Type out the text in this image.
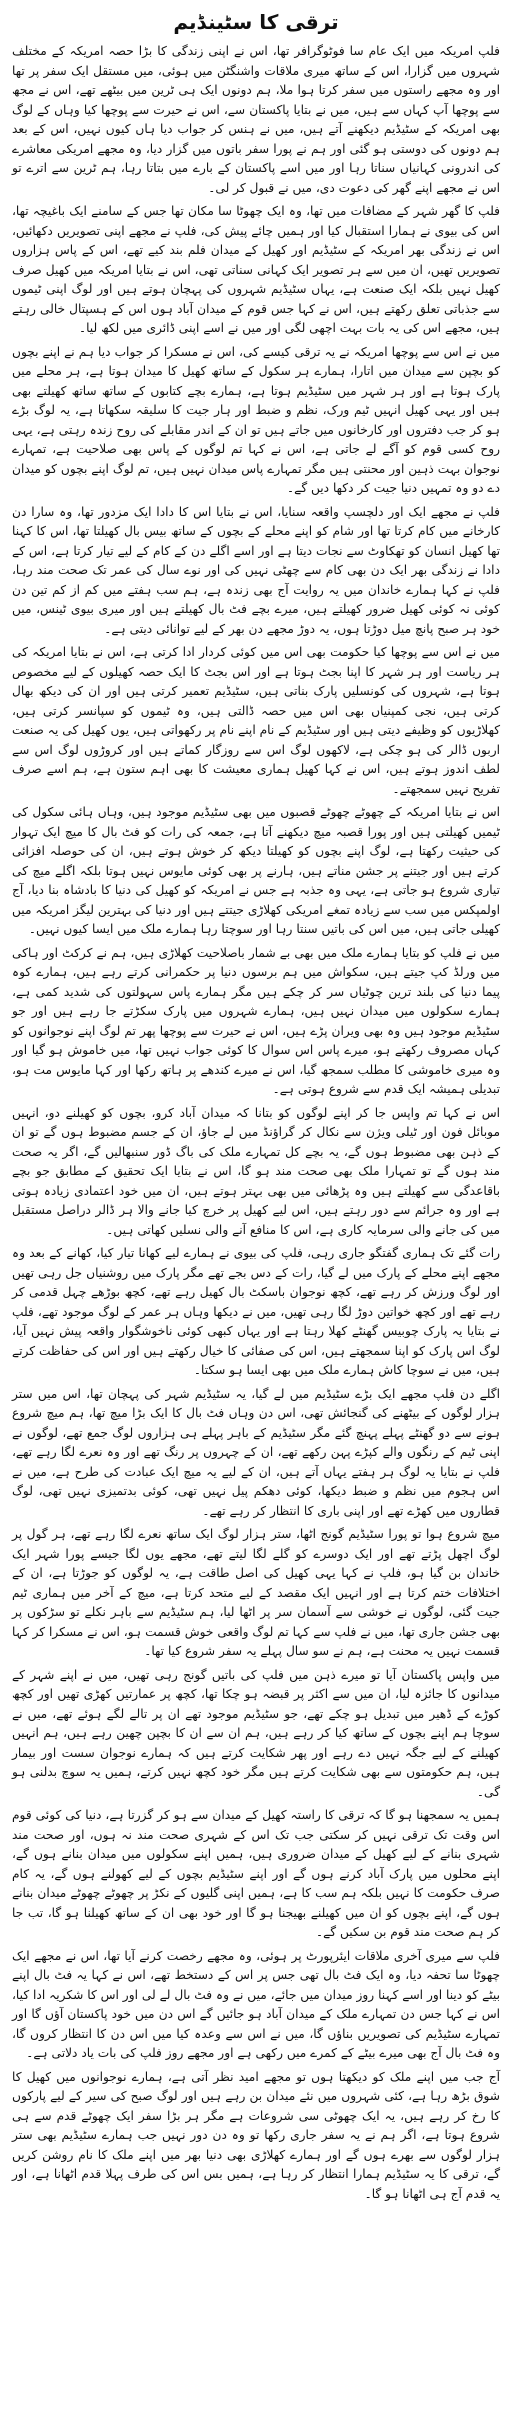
ترقی کا سٹینڈیم

فلپ امریکہ میں ایک عام سا فوٹوگرافر تھا، اس نے اپنی زندگی کا بڑا حصہ امریکہ کے مختلف شہروں میں گزارا، اس کے ساتھ میری ملاقات واشنگٹن میں ہوئی، میں مستقل ایک سفر پر تھا اور وہ مجھے راستوں میں سفر کرتا ہوا ملا، ہم دونوں ایک ہی ٹرین میں بیٹھے تھے، اس نے مجھ سے پوچھا آپ کہاں سے ہیں، میں نے بتایا پاکستان سے، اس نے حیرت سے پوچھا کیا وہاں کے لوگ بھی امریکہ کے سٹیڈیم دیکھنے آتے ہیں، میں نے ہنس کر جواب دیا ہاں کیوں نہیں، اس کے بعد ہم دونوں کی دوستی ہو گئی اور ہم نے پورا سفر باتوں میں گزار دیا، وہ مجھے امریکی معاشرے کی اندرونی کہانیاں سناتا رہا اور میں اسے پاکستان کے بارے میں بتاتا رہا، ہم ٹرین سے اترے تو اس نے مجھے اپنے گھر کی دعوت دی، میں نے قبول کر لی۔

فلپ کا گھر شہر کے مضافات میں تھا، وہ ایک چھوٹا سا مکان تھا جس کے سامنے ایک باغیچہ تھا، اس کی بیوی نے ہمارا استقبال کیا اور ہمیں چائے پیش کی، فلپ نے مجھے اپنی تصویریں دکھائیں، اس نے زندگی بھر امریکہ کے سٹیڈیم اور کھیل کے میدان فلم بند کیے تھے، اس کے پاس ہزاروں تصویریں تھیں، ان میں سے ہر تصویر ایک کہانی سناتی تھی، اس نے بتایا امریکہ میں کھیل صرف کھیل نہیں بلکہ ایک صنعت ہے، یہاں سٹیڈیم شہروں کی پہچان ہوتے ہیں اور لوگ اپنی ٹیموں سے جذباتی تعلق رکھتے ہیں، اس نے کہا جس قوم کے میدان آباد ہوں اس کے ہسپتال خالی رہتے ہیں، مجھے اس کی یہ بات بہت اچھی لگی اور میں نے اسے اپنی ڈائری میں لکھ لیا۔

میں نے اس سے پوچھا امریکہ نے یہ ترقی کیسے کی، اس نے مسکرا کر جواب دیا ہم نے اپنے بچوں کو بچپن سے میدان میں اتارا، ہمارے ہر سکول کے ساتھ کھیل کا میدان ہوتا ہے، ہر محلے میں پارک ہوتا ہے اور ہر شہر میں سٹیڈیم ہوتا ہے، ہمارے بچے کتابوں کے ساتھ ساتھ کھیلتے بھی ہیں اور یہی کھیل انہیں ٹیم ورک، نظم و ضبط اور ہار جیت کا سلیقہ سکھاتا ہے، یہ لوگ بڑے ہو کر جب دفتروں اور کارخانوں میں جاتے ہیں تو ان کے اندر مقابلے کی روح زندہ رہتی ہے، یہی روح کسی قوم کو آگے لے جاتی ہے، اس نے کہا تم لوگوں کے پاس بھی صلاحیت ہے، تمہارے نوجوان بہت ذہین اور محنتی ہیں مگر تمہارے پاس میدان نہیں ہیں، تم لوگ اپنے بچوں کو میدان دے دو وہ تمہیں دنیا جیت کر دکھا دیں گے۔

فلپ نے مجھے ایک اور دلچسپ واقعہ سنایا، اس نے بتایا اس کا دادا ایک مزدور تھا، وہ سارا دن کارخانے میں کام کرتا تھا اور شام کو اپنے محلے کے بچوں کے ساتھ بیس بال کھیلتا تھا، اس کا کہنا تھا کھیل انسان کو تھکاوٹ سے نجات دیتا ہے اور اسے اگلے دن کے کام کے لیے تیار کرتا ہے، اس کے دادا نے زندگی بھر ایک دن بھی کام سے چھٹی نہیں کی اور نوے سال کی عمر تک صحت مند رہا، فلپ نے کہا ہمارے خاندان میں یہ روایت آج بھی زندہ ہے، ہم سب ہفتے میں کم از کم تین دن کوئی نہ کوئی کھیل ضرور کھیلتے ہیں، میرے بچے فٹ بال کھیلتے ہیں اور میری بیوی ٹینس، میں خود ہر صبح پانچ میل دوڑتا ہوں، یہ دوڑ مجھے دن بھر کے لیے توانائی دیتی ہے۔

میں نے اس سے پوچھا کیا حکومت بھی اس میں کوئی کردار ادا کرتی ہے، اس نے بتایا امریکہ کی ہر ریاست اور ہر شہر کا اپنا بجٹ ہوتا ہے اور اس بجٹ کا ایک حصہ کھیلوں کے لیے مخصوص ہوتا ہے، شہروں کی کونسلیں پارک بناتی ہیں، سٹیڈیم تعمیر کرتی ہیں اور ان کی دیکھ بھال کرتی ہیں، نجی کمپنیاں بھی اس میں حصہ ڈالتی ہیں، وہ ٹیموں کو سپانسر کرتی ہیں، کھلاڑیوں کو وظیفے دیتی ہیں اور سٹیڈیم کے نام اپنے نام پر رکھواتی ہیں، یوں کھیل کی یہ صنعت اربوں ڈالر کی ہو چکی ہے، لاکھوں لوگ اس سے روزگار کماتے ہیں اور کروڑوں لوگ اس سے لطف اندوز ہوتے ہیں، اس نے کہا کھیل ہماری معیشت کا بھی اہم ستون ہے، ہم اسے صرف تفریح نہیں سمجھتے۔

اس نے بتایا امریکہ کے چھوٹے چھوٹے قصبوں میں بھی سٹیڈیم موجود ہیں، وہاں ہائی سکول کی ٹیمیں کھیلتی ہیں اور پورا قصبہ میچ دیکھنے آتا ہے، جمعہ کی رات کو فٹ بال کا میچ ایک تہوار کی حیثیت رکھتا ہے، لوگ اپنے بچوں کو کھیلتا دیکھ کر خوش ہوتے ہیں، ان کی حوصلہ افزائی کرتے ہیں اور جیتنے پر جشن مناتے ہیں، ہارنے پر بھی کوئی مایوس نہیں ہوتا بلکہ اگلے میچ کی تیاری شروع ہو جاتی ہے، یہی وہ جذبہ ہے جس نے امریکہ کو کھیل کی دنیا کا بادشاہ بنا دیا، آج اولمپکس میں سب سے زیادہ تمغے امریکی کھلاڑی جیتتے ہیں اور دنیا کی بہترین لیگز امریکہ میں کھیلی جاتی ہیں، میں اس کی باتیں سنتا رہا اور سوچتا رہا ہمارے ملک میں ایسا کیوں نہیں۔

میں نے فلپ کو بتایا ہمارے ملک میں بھی بے شمار باصلاحیت کھلاڑی ہیں، ہم نے کرکٹ اور ہاکی میں ورلڈ کپ جیتے ہیں، سکواش میں ہم برسوں دنیا پر حکمرانی کرتے رہے ہیں، ہمارے کوہ پیما دنیا کی بلند ترین چوٹیاں سر کر چکے ہیں مگر ہمارے پاس سہولتوں کی شدید کمی ہے، ہمارے سکولوں میں میدان نہیں ہیں، ہمارے شہروں میں پارک سکڑتے جا رہے ہیں اور جو سٹیڈیم موجود ہیں وہ بھی ویران پڑے ہیں، اس نے حیرت سے پوچھا پھر تم لوگ اپنے نوجوانوں کو کہاں مصروف رکھتے ہو، میرے پاس اس سوال کا کوئی جواب نہیں تھا، میں خاموش ہو گیا اور وہ میری خاموشی کا مطلب سمجھ گیا، اس نے میرے کندھے پر ہاتھ رکھا اور کہا مایوس مت ہو، تبدیلی ہمیشہ ایک قدم سے شروع ہوتی ہے۔

اس نے کہا تم واپس جا کر اپنے لوگوں کو بتانا کہ میدان آباد کرو، بچوں کو کھیلنے دو، انہیں موبائل فون اور ٹیلی ویژن سے نکال کر گراؤنڈ میں لے جاؤ، ان کے جسم مضبوط ہوں گے تو ان کے ذہن بھی مضبوط ہوں گے، یہ بچے کل تمہارے ملک کی باگ ڈور سنبھالیں گے، اگر یہ صحت مند ہوں گے تو تمہارا ملک بھی صحت مند ہو گا، اس نے بتایا ایک تحقیق کے مطابق جو بچے باقاعدگی سے کھیلتے ہیں وہ پڑھائی میں بھی بہتر ہوتے ہیں، ان میں خود اعتمادی زیادہ ہوتی ہے اور وہ جرائم سے دور رہتے ہیں، اس لیے کھیل پر خرچ کیا جانے والا ہر ڈالر دراصل مستقبل میں کی جانے والی سرمایہ کاری ہے، اس کا منافع آنے والی نسلیں کھاتی ہیں۔

رات گئے تک ہماری گفتگو جاری رہی، فلپ کی بیوی نے ہمارے لیے کھانا تیار کیا، کھانے کے بعد وہ مجھے اپنے محلے کے پارک میں لے گیا، رات کے دس بجے تھے مگر پارک میں روشنیاں جل رہی تھیں اور لوگ ورزش کر رہے تھے، کچھ نوجوان باسکٹ بال کھیل رہے تھے، کچھ بوڑھے چہل قدمی کر رہے تھے اور کچھ خواتین دوڑ لگا رہی تھیں، میں نے دیکھا وہاں ہر عمر کے لوگ موجود تھے، فلپ نے بتایا یہ پارک چوبیس گھنٹے کھلا رہتا ہے اور یہاں کبھی کوئی ناخوشگوار واقعہ پیش نہیں آیا، لوگ اس پارک کو اپنا سمجھتے ہیں، اس کی صفائی کا خیال رکھتے ہیں اور اس کی حفاظت کرتے ہیں، میں نے سوچا کاش ہمارے ملک میں بھی ایسا ہو سکتا۔

اگلے دن فلپ مجھے ایک بڑے سٹیڈیم میں لے گیا، یہ سٹیڈیم شہر کی پہچان تھا، اس میں ستر ہزار لوگوں کے بیٹھنے کی گنجائش تھی، اس دن وہاں فٹ بال کا ایک بڑا میچ تھا، ہم میچ شروع ہونے سے دو گھنٹے پہلے پہنچ گئے مگر سٹیڈیم کے باہر پہلے ہی ہزاروں لوگ جمع تھے، لوگوں نے اپنی ٹیم کے رنگوں والے کپڑے پہن رکھے تھے، ان کے چہروں پر رنگ تھے اور وہ نعرے لگا رہے تھے، فلپ نے بتایا یہ لوگ ہر ہفتے یہاں آتے ہیں، ان کے لیے یہ میچ ایک عبادت کی طرح ہے، میں نے اس ہجوم میں نظم و ضبط دیکھا، کوئی دھکم پیل نہیں تھی، کوئی بدتمیزی نہیں تھی، لوگ قطاروں میں کھڑے تھے اور اپنی باری کا انتظار کر رہے تھے۔

میچ شروع ہوا تو پورا سٹیڈیم گونج اٹھا، ستر ہزار لوگ ایک ساتھ نعرے لگا رہے تھے، ہر گول پر لوگ اچھل پڑتے تھے اور ایک دوسرے کو گلے لگا لیتے تھے، مجھے یوں لگا جیسے پورا شہر ایک خاندان بن گیا ہو، فلپ نے کہا یہی کھیل کی اصل طاقت ہے، یہ لوگوں کو جوڑتا ہے، ان کے اختلافات ختم کرتا ہے اور انہیں ایک مقصد کے لیے متحد کرتا ہے، میچ کے آخر میں ہماری ٹیم جیت گئی، لوگوں نے خوشی سے آسمان سر پر اٹھا لیا، ہم سٹیڈیم سے باہر نکلے تو سڑکوں پر بھی جشن جاری تھا، میں نے فلپ سے کہا تم لوگ واقعی خوش قسمت ہو، اس نے مسکرا کر کہا قسمت نہیں یہ محنت ہے، ہم نے سو سال پہلے یہ سفر شروع کیا تھا۔

میں واپس پاکستان آیا تو میرے ذہن میں فلپ کی باتیں گونج رہی تھیں، میں نے اپنے شہر کے میدانوں کا جائزہ لیا، ان میں سے اکثر پر قبضہ ہو چکا تھا، کچھ پر عمارتیں کھڑی تھیں اور کچھ کوڑے کے ڈھیر میں تبدیل ہو چکے تھے، جو سٹیڈیم موجود تھے ان پر تالے لگے ہوئے تھے، میں نے سوچا ہم اپنے بچوں کے ساتھ کیا کر رہے ہیں، ہم ان سے ان کا بچپن چھین رہے ہیں، ہم انہیں کھیلنے کے لیے جگہ نہیں دے رہے اور پھر شکایت کرتے ہیں کہ ہمارے نوجوان سست اور بیمار ہیں، ہم حکومتوں سے بھی شکایت کرتے ہیں مگر خود کچھ نہیں کرتے، ہمیں یہ سوچ بدلنی ہو گی۔

ہمیں یہ سمجھنا ہو گا کہ ترقی کا راستہ کھیل کے میدان سے ہو کر گزرتا ہے، دنیا کی کوئی قوم اس وقت تک ترقی نہیں کر سکتی جب تک اس کے شہری صحت مند نہ ہوں، اور صحت مند شہری بنانے کے لیے کھیل کے میدان ضروری ہیں، ہمیں اپنے سکولوں میں میدان بنانے ہوں گے، اپنے محلوں میں پارک آباد کرنے ہوں گے اور اپنے سٹیڈیم بچوں کے لیے کھولنے ہوں گے، یہ کام صرف حکومت کا نہیں بلکہ ہم سب کا ہے، ہمیں اپنی گلیوں کے نکڑ پر چھوٹے چھوٹے میدان بنانے ہوں گے، اپنے بچوں کو ان میں کھیلنے بھیجنا ہو گا اور خود بھی ان کے ساتھ کھیلنا ہو گا، تب جا کر ہم صحت مند قوم بن سکیں گے۔

فلپ سے میری آخری ملاقات ایئرپورٹ پر ہوئی، وہ مجھے رخصت کرنے آیا تھا، اس نے مجھے ایک چھوٹا سا تحفہ دیا، وہ ایک فٹ بال تھی جس پر اس کے دستخط تھے، اس نے کہا یہ فٹ بال اپنے بیٹے کو دینا اور اسے کہنا روز میدان میں جائے، میں نے وہ فٹ بال لے لی اور اس کا شکریہ ادا کیا، اس نے کہا جس دن تمہارے ملک کے میدان آباد ہو جائیں گے اس دن میں خود پاکستان آؤں گا اور تمہارے سٹیڈیم کی تصویریں بناؤں گا، میں نے اس سے وعدہ کیا میں اس دن کا انتظار کروں گا، وہ فٹ بال آج بھی میرے بیٹے کے کمرے میں رکھی ہے اور مجھے روز فلپ کی بات یاد دلاتی ہے۔

آج جب میں اپنے ملک کو دیکھتا ہوں تو مجھے امید نظر آتی ہے، ہمارے نوجوانوں میں کھیل کا شوق بڑھ رہا ہے، کئی شہروں میں نئے میدان بن رہے ہیں اور لوگ صبح کی سیر کے لیے پارکوں کا رخ کر رہے ہیں، یہ ایک چھوٹی سی شروعات ہے مگر ہر بڑا سفر ایک چھوٹے قدم سے ہی شروع ہوتا ہے، اگر ہم نے یہ سفر جاری رکھا تو وہ دن دور نہیں جب ہمارے سٹیڈیم بھی ستر ہزار لوگوں سے بھرے ہوں گے اور ہمارے کھلاڑی بھی دنیا بھر میں اپنے ملک کا نام روشن کریں گے، ترقی کا یہ سٹیڈیم ہمارا انتظار کر رہا ہے، ہمیں بس اس کی طرف پہلا قدم اٹھانا ہے، اور یہ قدم آج ہی اٹھانا ہو گا۔
